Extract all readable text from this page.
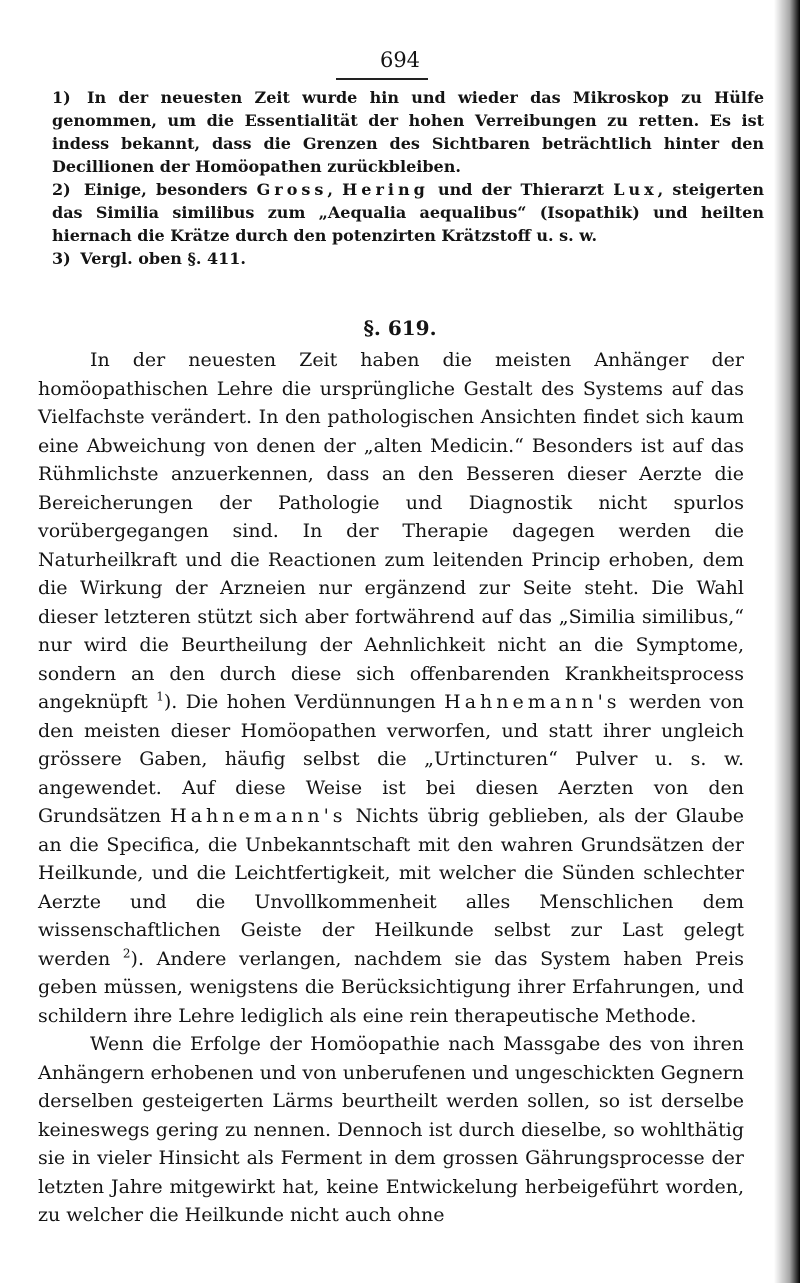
694

1) In der neuesten Zeit wurde hin und wieder das Mikroskop zu Hülfe genommen, um die Essentialität der hohen Verreibungen zu retten. Es ist indess bekannt, dass die Grenzen des Sichtbaren beträchtlich hinter den Decillionen der Homöopathen zurückbleiben.

2) Einige, besonders Gross, Hering und der Thierarzt Lux, steigerten das Similia similibus zum „Aequalia aequalibus“ (Isopathik) und heilten hiernach die Krätze durch den potenzirten Krätzstoff u. s. w.

3) Vergl. oben §. 411.

§. 619.

In der neuesten Zeit haben die meisten Anhänger der homöopathischen Lehre die ursprüngliche Gestalt des Systems auf das Vielfachste verändert. In den pathologischen Ansichten findet sich kaum eine Abweichung von denen der „alten Medicin.“ Besonders ist auf das Rühmlichste anzuerkennen, dass an den Besseren dieser Aerzte die Bereicherungen der Pathologie und Diagnostik nicht spurlos vorübergegangen sind. In der Therapie dagegen werden die Naturheilkraft und die Reactionen zum leitenden Princip erhoben, dem die Wirkung der Arzneien nur ergänzend zur Seite steht. Die Wahl dieser letzteren stützt sich aber fortwährend auf das „Similia similibus,“ nur wird die Beurtheilung der Aehnlichkeit nicht an die Symptome, sondern an den durch diese sich offenbarenden Krankheitsprocess angeknüpft $^1$). Die hohen Verdünnungen Hahnemann's werden von den meisten dieser Homöopathen verworfen, und statt ihrer ungleich grössere Gaben, häufig selbst die „Urtincturen“ Pulver u. s. w. angewendet. Auf diese Weise ist bei diesen Aerzten von den Grundsätzen Hahnemann's Nichts übrig geblieben, als der Glaube an die Specifica, die Unbekanntschaft mit den wahren Grundsätzen der Heilkunde, und die Leichtfertigkeit, mit welcher die Sünden schlechter Aerzte und die Unvollkommenheit alles Menschlichen dem wissenschaftlichen Geiste der Heilkunde selbst zur Last gelegt werden $^2$). Andere verlangen, nachdem sie das System haben Preis geben müssen, wenigstens die Berücksichtigung ihrer Erfahrungen, und schildern ihre Lehre lediglich als eine rein therapeutische Methode.

Wenn die Erfolge der Homöopathie nach Massgabe des von ihren Anhängern erhobenen und von unberufenen und ungeschickten Gegnern derselben gesteigerten Lärms beurtheilt werden sollen, so ist derselbe keineswegs gering zu nennen. Dennoch ist durch dieselbe, so wohlthätig sie in vieler Hinsicht als Ferment in dem grossen Gährungsprocesse der letzten Jahre mitgewirkt hat, keine Entwickelung herbeigeführt worden, zu welcher die Heilkunde nicht auch ohne
